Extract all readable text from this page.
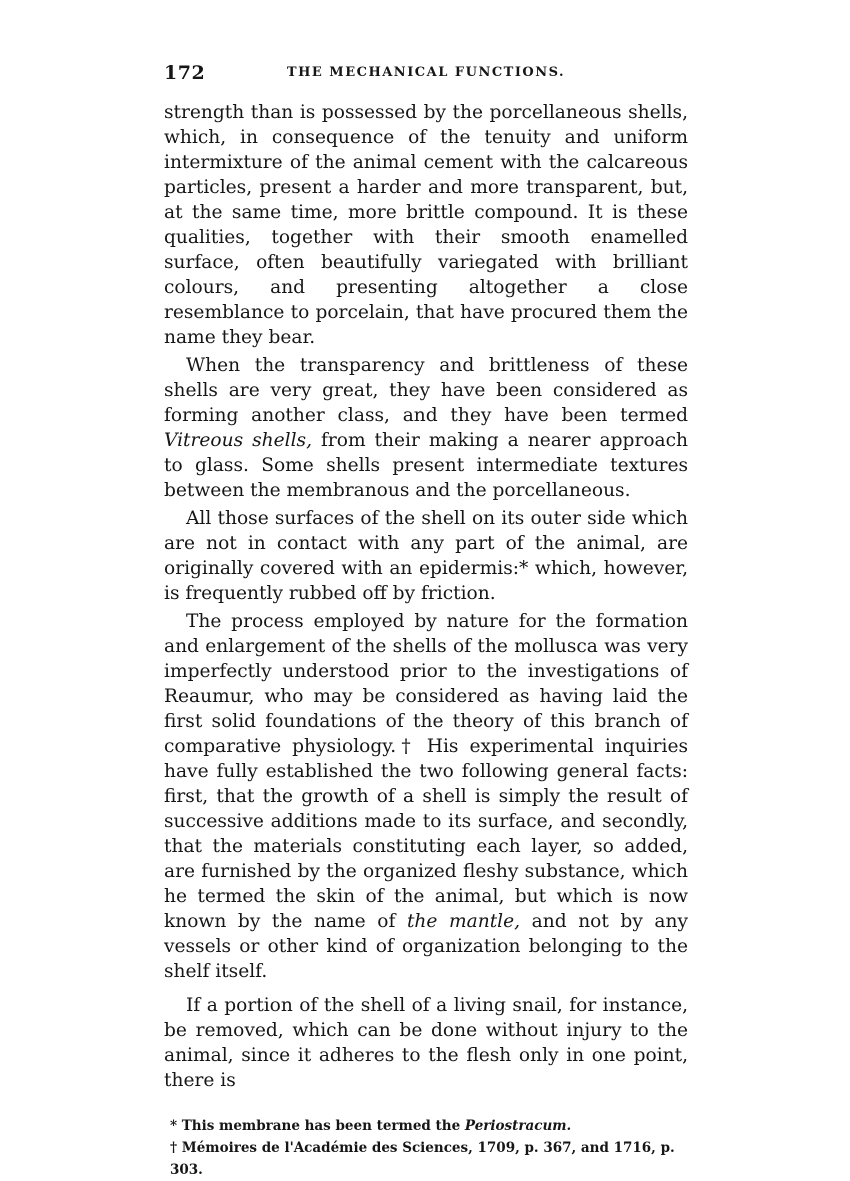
172	THE MECHANICAL FUNCTIONS.

strength than is possessed by the porcellaneous shells, which, in consequence of the tenuity and uniform intermixture of the animal cement with the calcareous particles, present a harder and more transparent, but, at the same time, more brittle compound. It is these qualities, together with their smooth enamelled surface, often beautifully variegated with brilliant colours, and presenting altogether a close resemblance to porcelain, that have procured them the name they bear.

When the transparency and brittleness of these shells are very great, they have been considered as forming another class, and they have been termed Vitreous shells, from their making a nearer approach to glass. Some shells present intermediate textures between the membranous and the porcellaneous.

All those surfaces of the shell on its outer side which are not in contact with any part of the animal, are originally covered with an epidermis:* which, however, is frequently rubbed off by friction.

The process employed by nature for the formation and enlargement of the shells of the mollusca was very imperfectly understood prior to the investigations of Reaumur, who may be considered as having laid the first solid foundations of the theory of this branch of comparative physiology.† His experimental inquiries have fully established the two following general facts: first, that the growth of a shell is simply the result of successive additions made to its surface, and secondly, that the materials constituting each layer, so added, are furnished by the organized fleshy substance, which he termed the skin of the animal, but which is now known by the name of the mantle, and not by any vessels or other kind of organization belonging to the shelf itself.

If a portion of the shell of a living snail, for instance, be removed, which can be done without injury to the animal, since it adheres to the flesh only in one point, there is

* This membrane has been termed the Periostracum.

† Mémoires de l'Académie des Sciences, 1709, p. 367, and 1716, p. 303.
